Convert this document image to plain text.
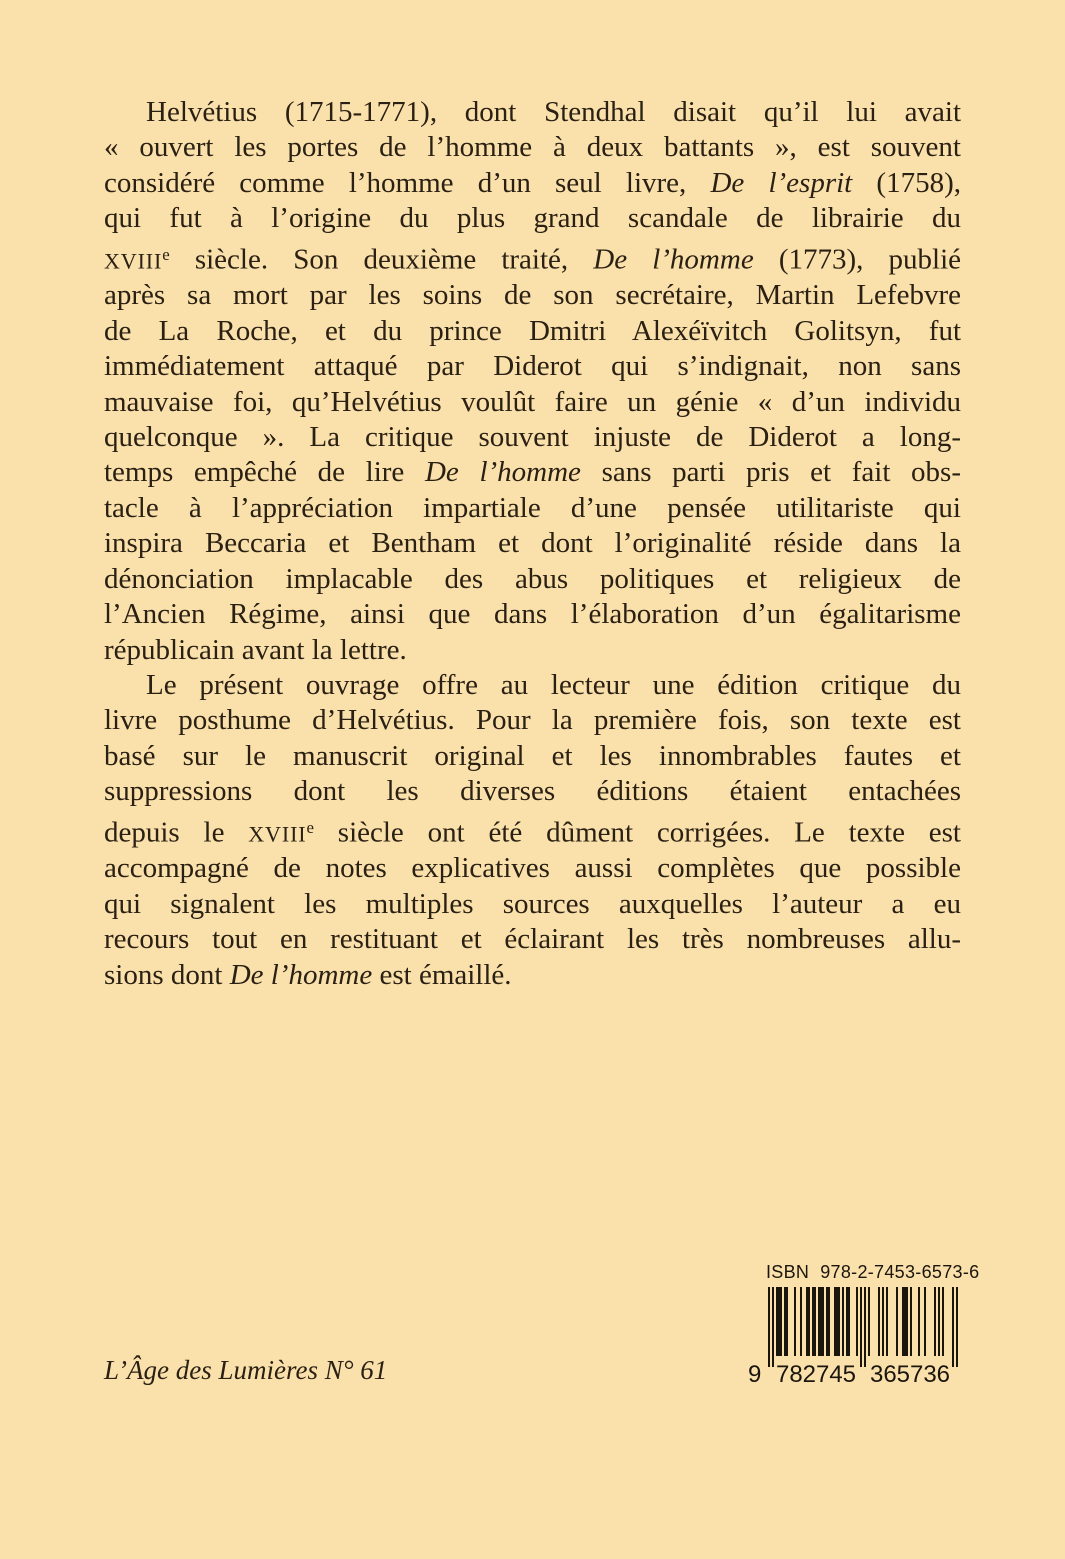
Helvétius (1715-1771), dont Stendhal disait qu’il lui avait
« ouvert les portes de l’homme à deux battants », est souvent
considéré comme l’homme d’un seul livre, De l’esprit (1758),
qui fut à l’origine du plus grand scandale de librairie du
XVIIIe siècle. Son deuxième traité, De l’homme (1773), publié
après sa mort par les soins de son secrétaire, Martin Lefebvre
de La Roche, et du prince Dmitri Alexéïvitch Golitsyn, fut
immédiatement attaqué par Diderot qui s’indignait, non sans
mauvaise foi, qu’Helvétius voulût faire un génie « d’un individu
quelconque ». La critique souvent injuste de Diderot a long-
temps empêché de lire De l’homme sans parti pris et fait obs-
tacle à l’appréciation impartiale d’une pensée utilitariste qui
inspira Beccaria et Bentham et dont l’originalité réside dans la
dénonciation implacable des abus politiques et religieux de
l’Ancien Régime, ainsi que dans l’élaboration d’un égalitarisme
républicain avant la lettre.
Le présent ouvrage offre au lecteur une édition critique du
livre posthume d’Helvétius. Pour la première fois, son texte est
basé sur le manuscrit original et les innombrables fautes et
suppressions dont les diverses éditions étaient entachées
depuis le XVIIIe siècle ont été dûment corrigées. Le texte est
accompagné de notes explicatives aussi complètes que possible
qui signalent les multiples sources auxquelles l’auteur a eu
recours tout en restituant et éclairant les très nombreuses allu-
sions dont De l’homme est émaillé.
ISBN 978-2-7453-6573-6
9 782745 365736
L’Âge des Lumières N° 61
